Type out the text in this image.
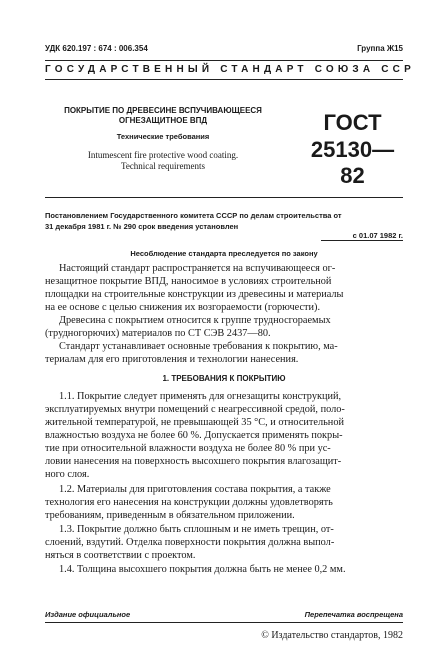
УДК 620.197 : 674 : 006.354	Группа Ж15
ГОСУДАРСТВЕННЫЙ СТАНДАРТ СОЮЗА ССР
ПОКРЫТИЕ ПО ДРЕВЕСИНЕ ВСПУЧИВАЮЩЕЕСЯ
ОГНЕЗАЩИТНОЕ ВПД
Технические требования
Intumescent fire protective wood coating.
Technical requirements
ГОСТ
25130—82
Постановлением Государственного комитета СССР по делам строительства от
31 декабря 1981 г. № 290 срок введения установлен
с 01.07 1982 г.
Несоблюдение стандарта преследуется по закону
Настоящий стандарт распространяется на вспучивающееся ог-
незащитное покрытие ВПД, наносимое в условиях строительной
площадки на строительные конструкции из древесины и материалы
на ее основе с целью снижения их возгораемости (горючести).
Древесина с покрытием относится к группе трудносгораемых
(трудногорючих) материалов по СТ СЭВ 2437—80.
Стандарт устанавливает основные требования к покрытию, ма-
териалам для его приготовления и технологии нанесения.
1. ТРЕБОВАНИЯ К ПОКРЫТИЮ
1.1. Покрытие следует применять для огнезащиты конструкций,
эксплуатируемых внутри помещений с неагрессивной средой, поло-
жительной температурой, не превышающей 35 °С, и относительной
влажностью воздуха не более 60 %. Допускается применять покры-
тие при относительной влажности воздуха не более 80 % при ус-
ловии нанесения на поверхность высохшего покрытия влагозащит-
ного слоя.
1.2. Материалы для приготовления состава покрытия, а также
технология его нанесения на конструкции должны удовлетворять
требованиям, приведенным в обязательном приложении.
Издание официальное	Перепечатка воспрещена
© Издательство стандартов, 1982
1.3. Покрытие должно быть сплошным и не иметь трещин, от-
слоений, вздутий. Отделка поверхности покрытия должна выпол-
няться в соответствии с проектом.
1.4. Толщина высохшего покрытия должна быть не менее 0,2 мм.
